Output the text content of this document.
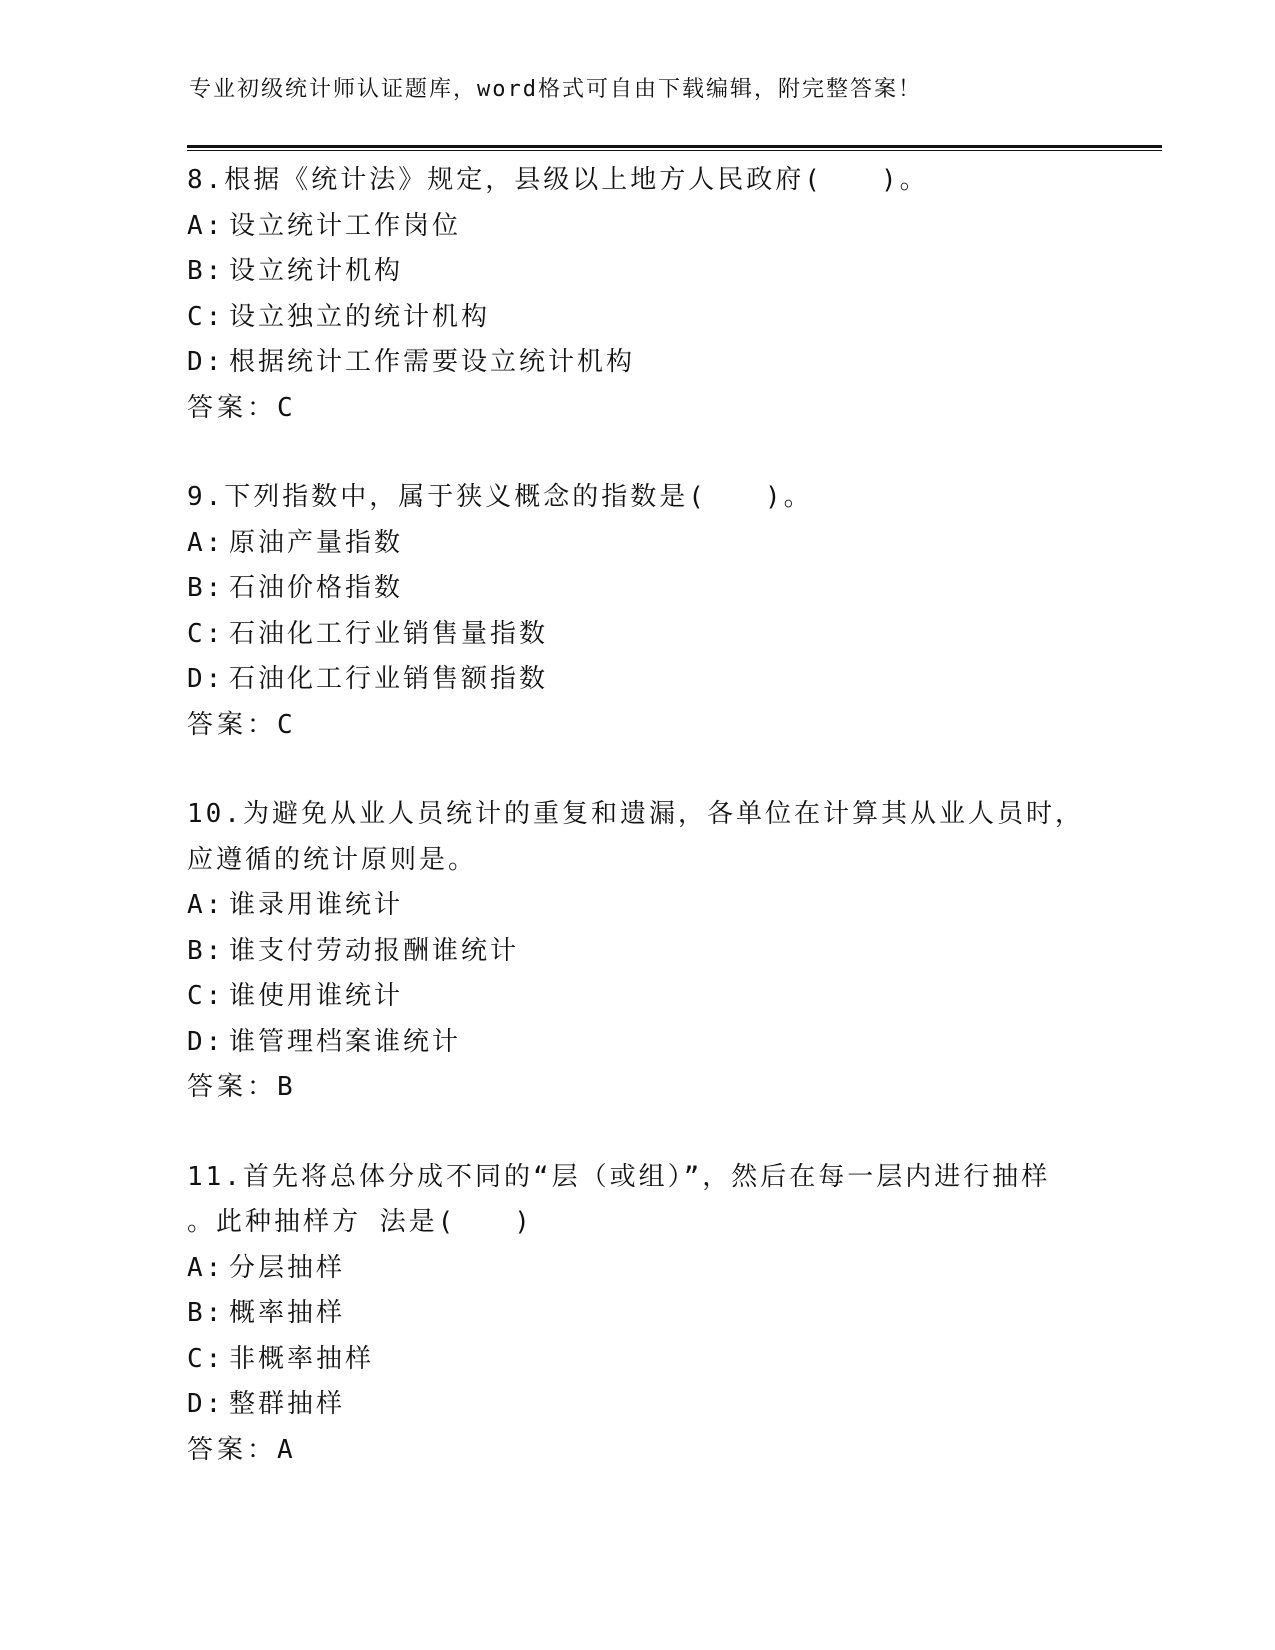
专业初级统计师认证题库，word格式可自由下载编辑，附完整答案！
8.根据《统计法》规定，县级以上地方人民政府(　　)。
A: 设立统计工作岗位
B: 设立统计机构
C: 设立独立的统计机构
D: 根据统计工作需要设立统计机构
答案：C
9.下列指数中，属于狭义概念的指数是(　　)。
A: 原油产量指数
B: 石油价格指数
C: 石油化工行业销售量指数
D: 石油化工行业销售额指数
答案：C
10.为避免从业人员统计的重复和遗漏，各单位在计算其从业人员时，
应遵循的统计原则是。
A: 谁录用谁统计
B: 谁支付劳动报酬谁统计
C: 谁使用谁统计
D: 谁管理档案谁统计
答案：B
11.首先将总体分成不同的“层（或组）”，然后在每一层内进行抽样
。此种抽样方 法是(　　)
A: 分层抽样
B: 概率抽样
C: 非概率抽样
D: 整群抽样
答案：A
